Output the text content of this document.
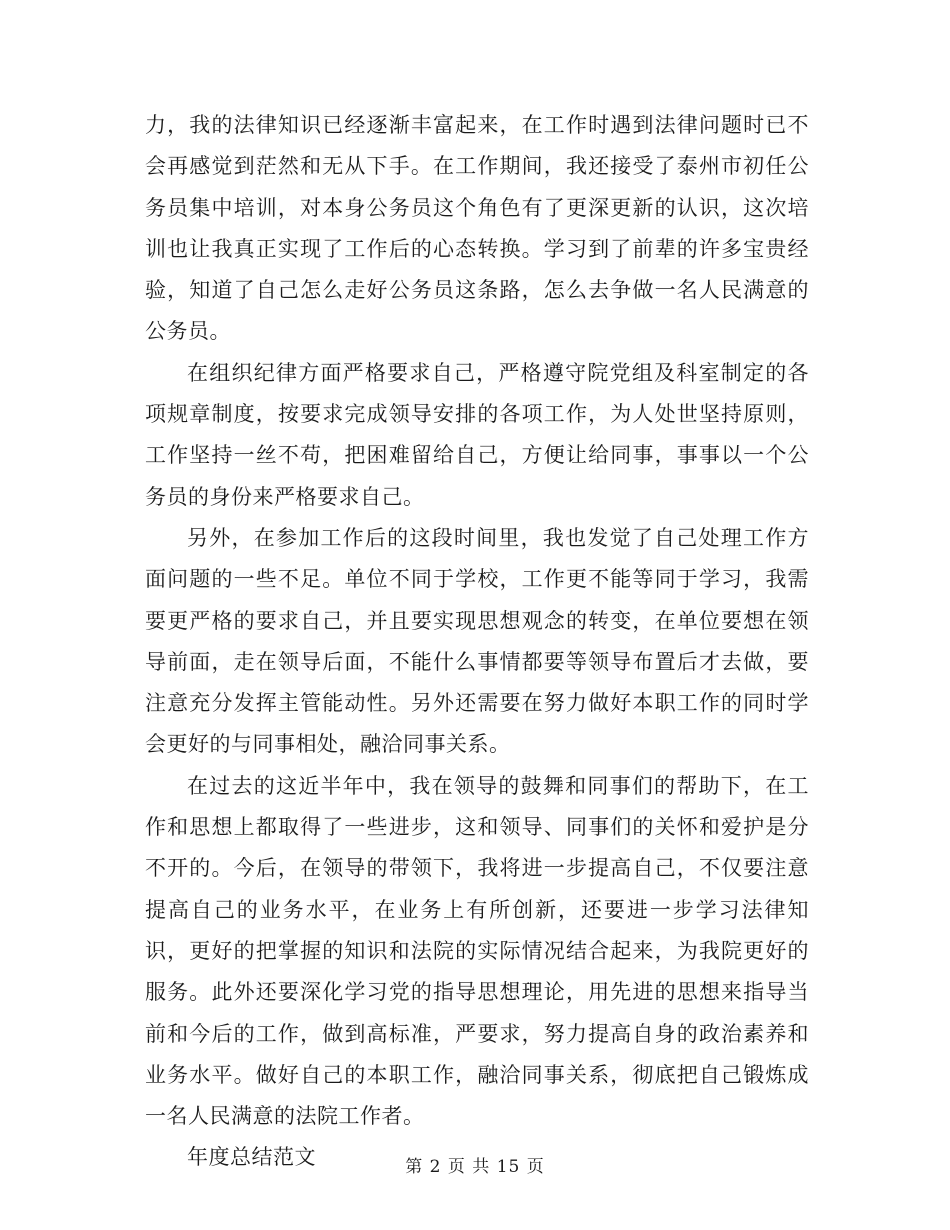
力，我的法律知识已经逐渐丰富起来，在工作时遇到法律问题时已不会再感觉到茫然和无从下手。在工作期间，我还接受了泰州市初任公务员集中培训，对本身公务员这个角色有了更深更新的认识，这次培训也让我真正实现了工作后的心态转换。学习到了前辈的许多宝贵经验，知道了自己怎么走好公务员这条路，怎么去争做一名人民满意的公务员。

在组织纪律方面严格要求自己，严格遵守院党组及科室制定的各项规章制度，按要求完成领导安排的各项工作，为人处世坚持原则，工作坚持一丝不苟，把困难留给自己，方便让给同事，事事以一个公务员的身份来严格要求自己。

另外，在参加工作后的这段时间里，我也发觉了自己处理工作方面问题的一些不足。单位不同于学校，工作更不能等同于学习，我需要更严格的要求自己，并且要实现思想观念的转变，在单位要想在领导前面，走在领导后面，不能什么事情都要等领导布置后才去做，要注意充分发挥主管能动性。另外还需要在努力做好本职工作的同时学会更好的与同事相处，融洽同事关系。

在过去的这近半年中，我在领导的鼓舞和同事们的帮助下，在工作和思想上都取得了一些进步，这和领导、同事们的关怀和爱护是分不开的。今后，在领导的带领下，我将进一步提高自己，不仅要注意提高自己的业务水平，在业务上有所创新，还要进一步学习法律知识，更好的把掌握的知识和法院的实际情况结合起来，为我院更好的服务。此外还要深化学习党的指导思想理论，用先进的思想来指导当前和今后的工作，做到高标准，严要求，努力提高自身的政治素养和业务水平。做好自己的本职工作，融洽同事关系，彻底把自己锻炼成一名人民满意的法院工作者。

年度总结范文	第 2 页 共 15 页
